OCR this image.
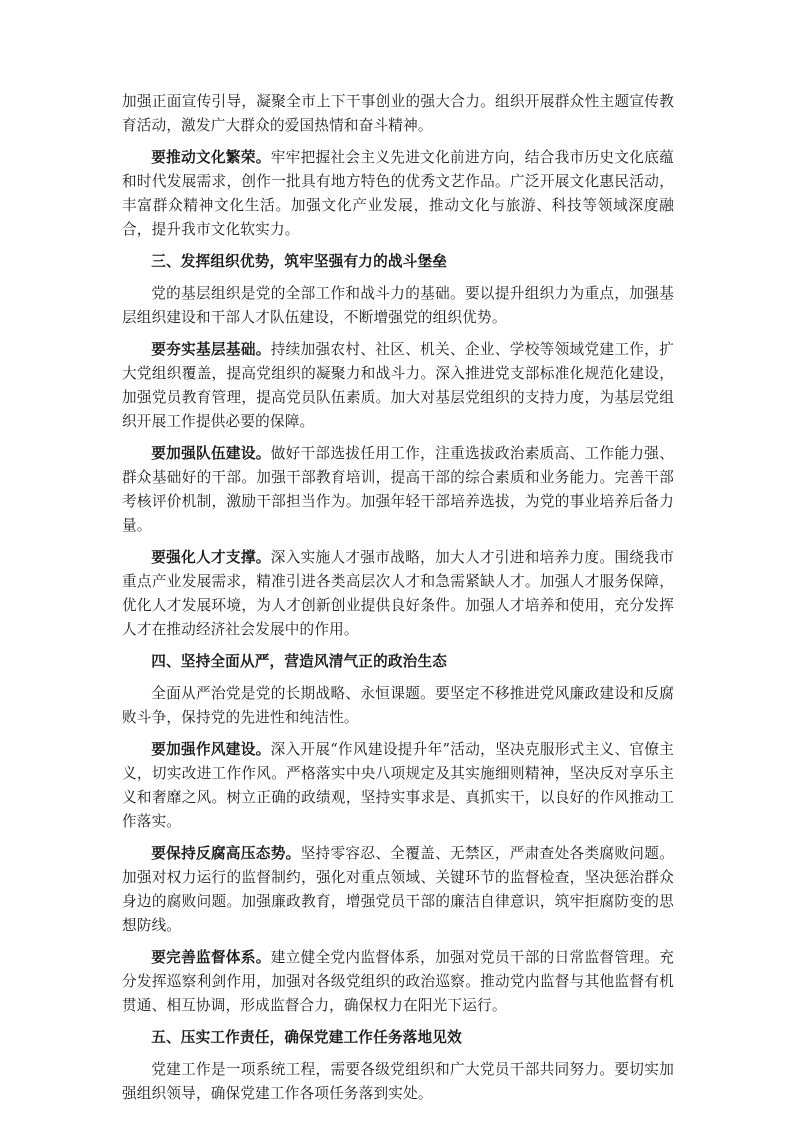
加强正面宣传引导，凝聚全市上下干事创业的强大合力。组织开展群众性主题宣传教育活动，激发广大群众的爱国热情和奋斗精神。

要推动文化繁荣。牢牢把握社会主义先进文化前进方向，结合我市历史文化底蕴和时代发展需求，创作一批具有地方特色的优秀文艺作品。广泛开展文化惠民活动，丰富群众精神文化生活。加强文化产业发展，推动文化与旅游、科技等领域深度融合，提升我市文化软实力。

三、发挥组织优势，筑牢坚强有力的战斗堡垒

党的基层组织是党的全部工作和战斗力的基础。要以提升组织力为重点，加强基层组织建设和干部人才队伍建设，不断增强党的组织优势。

要夯实基层基础。持续加强农村、社区、机关、企业、学校等领域党建工作，扩大党组织覆盖，提高党组织的凝聚力和战斗力。深入推进党支部标准化规范化建设，加强党员教育管理，提高党员队伍素质。加大对基层党组织的支持力度，为基层党组织开展工作提供必要的保障。

要加强队伍建设。做好干部选拔任用工作，注重选拔政治素质高、工作能力强、群众基础好的干部。加强干部教育培训，提高干部的综合素质和业务能力。完善干部考核评价机制，激励干部担当作为。加强年轻干部培养选拔，为党的事业培养后备力量。

要强化人才支撑。深入实施人才强市战略，加大人才引进和培养力度。围绕我市重点产业发展需求，精准引进各类高层次人才和急需紧缺人才。加强人才服务保障，优化人才发展环境，为人才创新创业提供良好条件。加强人才培养和使用，充分发挥人才在推动经济社会发展中的作用。

四、坚持全面从严，营造风清气正的政治生态

全面从严治党是党的长期战略、永恒课题。要坚定不移推进党风廉政建设和反腐败斗争，保持党的先进性和纯洁性。

要加强作风建设。深入开展“作风建设提升年”活动，坚决克服形式主义、官僚主义，切实改进工作作风。严格落实中央八项规定及其实施细则精神，坚决反对享乐主义和奢靡之风。树立正确的政绩观，坚持实事求是、真抓实干，以良好的作风推动工作落实。

要保持反腐高压态势。坚持零容忍、全覆盖、无禁区，严肃查处各类腐败问题。加强对权力运行的监督制约，强化对重点领域、关键环节的监督检查，坚决惩治群众身边的腐败问题。加强廉政教育，增强党员干部的廉洁自律意识，筑牢拒腐防变的思想防线。

要完善监督体系。建立健全党内监督体系，加强对党员干部的日常监督管理。充分发挥巡察利剑作用，加强对各级党组织的政治巡察。推动党内监督与其他监督有机贯通、相互协调，形成监督合力，确保权力在阳光下运行。

五、压实工作责任，确保党建工作任务落地见效

党建工作是一项系统工程，需要各级党组织和广大党员干部共同努力。要切实加强组织领导，确保党建工作各项任务落到实处。
